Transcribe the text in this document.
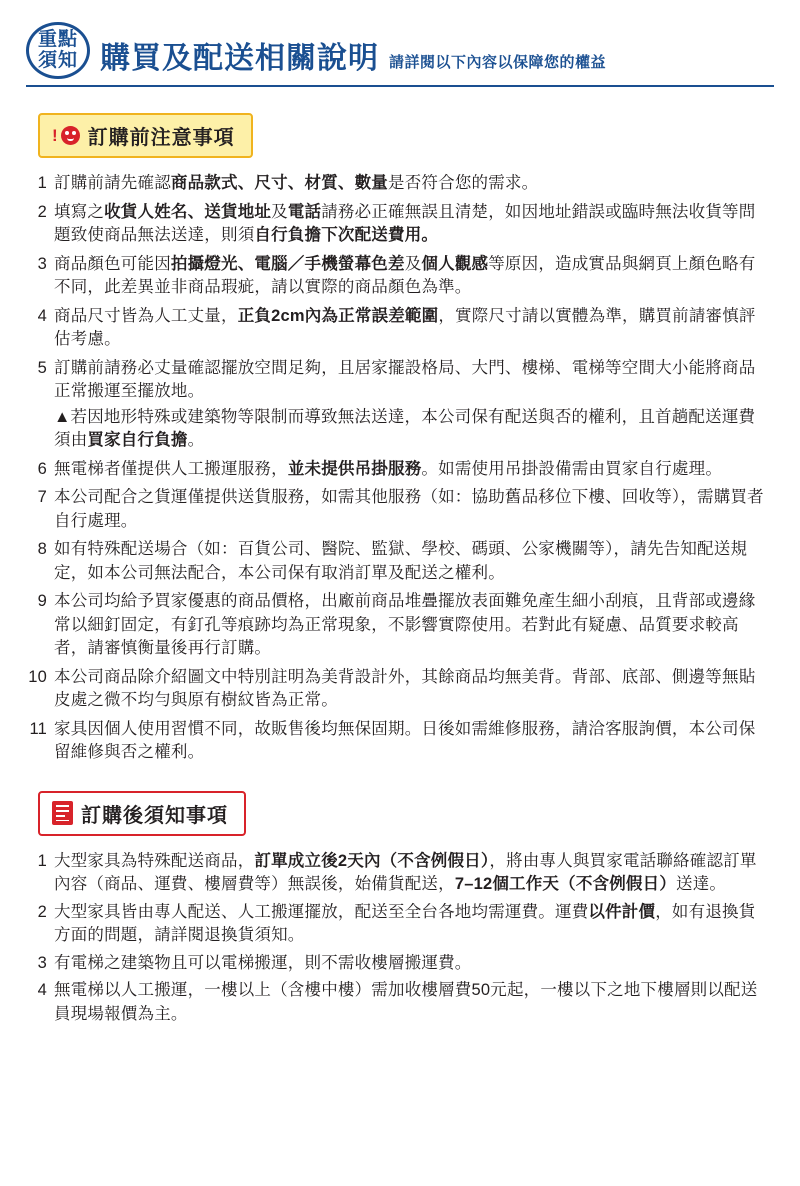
重點
須知 購買及配送相關說明 請詳閱以下內容以保障您的權益
! 訂購前注意事項
1 訂購前請先確認商品款式、尺寸、材質、數量是否符合您的需求。
2 填寫之收貨人姓名、送貨地址及電話請務必正確無誤且清楚，如因地址錯誤或臨時無法收貨等問題致使商品無法送達，則須自行負擔下次配送費用。
3 商品顏色可能因拍攝燈光、電腦／手機螢幕色差及個人觀感等原因，造成實品與網頁上顏色略有不同，此差異並非商品瑕疵，請以實際的商品顏色為準。
4 商品尺寸皆為人工丈量，正負2cm內為正常誤差範圍，實際尺寸請以實體為準，購買前請審慎評估考慮。
5 訂購前請務必丈量確認擺放空間足夠，且居家擺設格局、大門、樓梯、電梯等空間大小能將商品正常搬運至擺放地。
▲若因地形特殊或建築物等限制而導致無法送達，本公司保有配送與否的權利，且首趟配送運費須由買家自行負擔。
6 無電梯者僅提供人工搬運服務，並未提供吊掛服務。如需使用吊掛設備需由買家自行處理。
7 本公司配合之貨運僅提供送貨服務，如需其他服務（如：協助舊品移位下樓、回收等），需購買者自行處理。
8 如有特殊配送場合（如：百貨公司、醫院、監獄、學校、碼頭、公家機關等），請先告知配送規定，如本公司無法配合，本公司保有取消訂單及配送之權利。
9 本公司均給予買家優惠的商品價格，出廠前商品堆疊擺放表面難免產生細小刮痕，且背部或邊緣常以細釘固定，有釘孔等痕跡均為正常現象，不影響實際使用。若對此有疑慮、品質要求較高者，請審慎衡量後再行訂購。
10 本公司商品除介紹圖文中特別註明為美背設計外，其餘商品均無美背。背部、底部、側邊等無貼皮處之微不均勻與原有樹紋皆為正常。
11 家具因個人使用習慣不同，故販售後均無保固期。日後如需維修服務，請洽客服詢價，本公司保留維修與否之權利。
訂購後須知事項
1 大型家具為特殊配送商品，訂單成立後2天內（不含例假日），將由專人與買家電話聯絡確認訂單內容（商品、運費、樓層費等）無誤後，始備貨配送，7–12個工作天（不含例假日）送達。
2 大型家具皆由專人配送、人工搬運擺放，配送至全台各地均需運費。運費以件計價，如有退換貨方面的問題，請詳閱退換貨須知。
3 有電梯之建築物且可以電梯搬運，則不需收樓層搬運費。
4 無電梯以人工搬運，一樓以上（含樓中樓）需加收樓層費50元起，一樓以下之地下樓層則以配送員現場報價為主。
